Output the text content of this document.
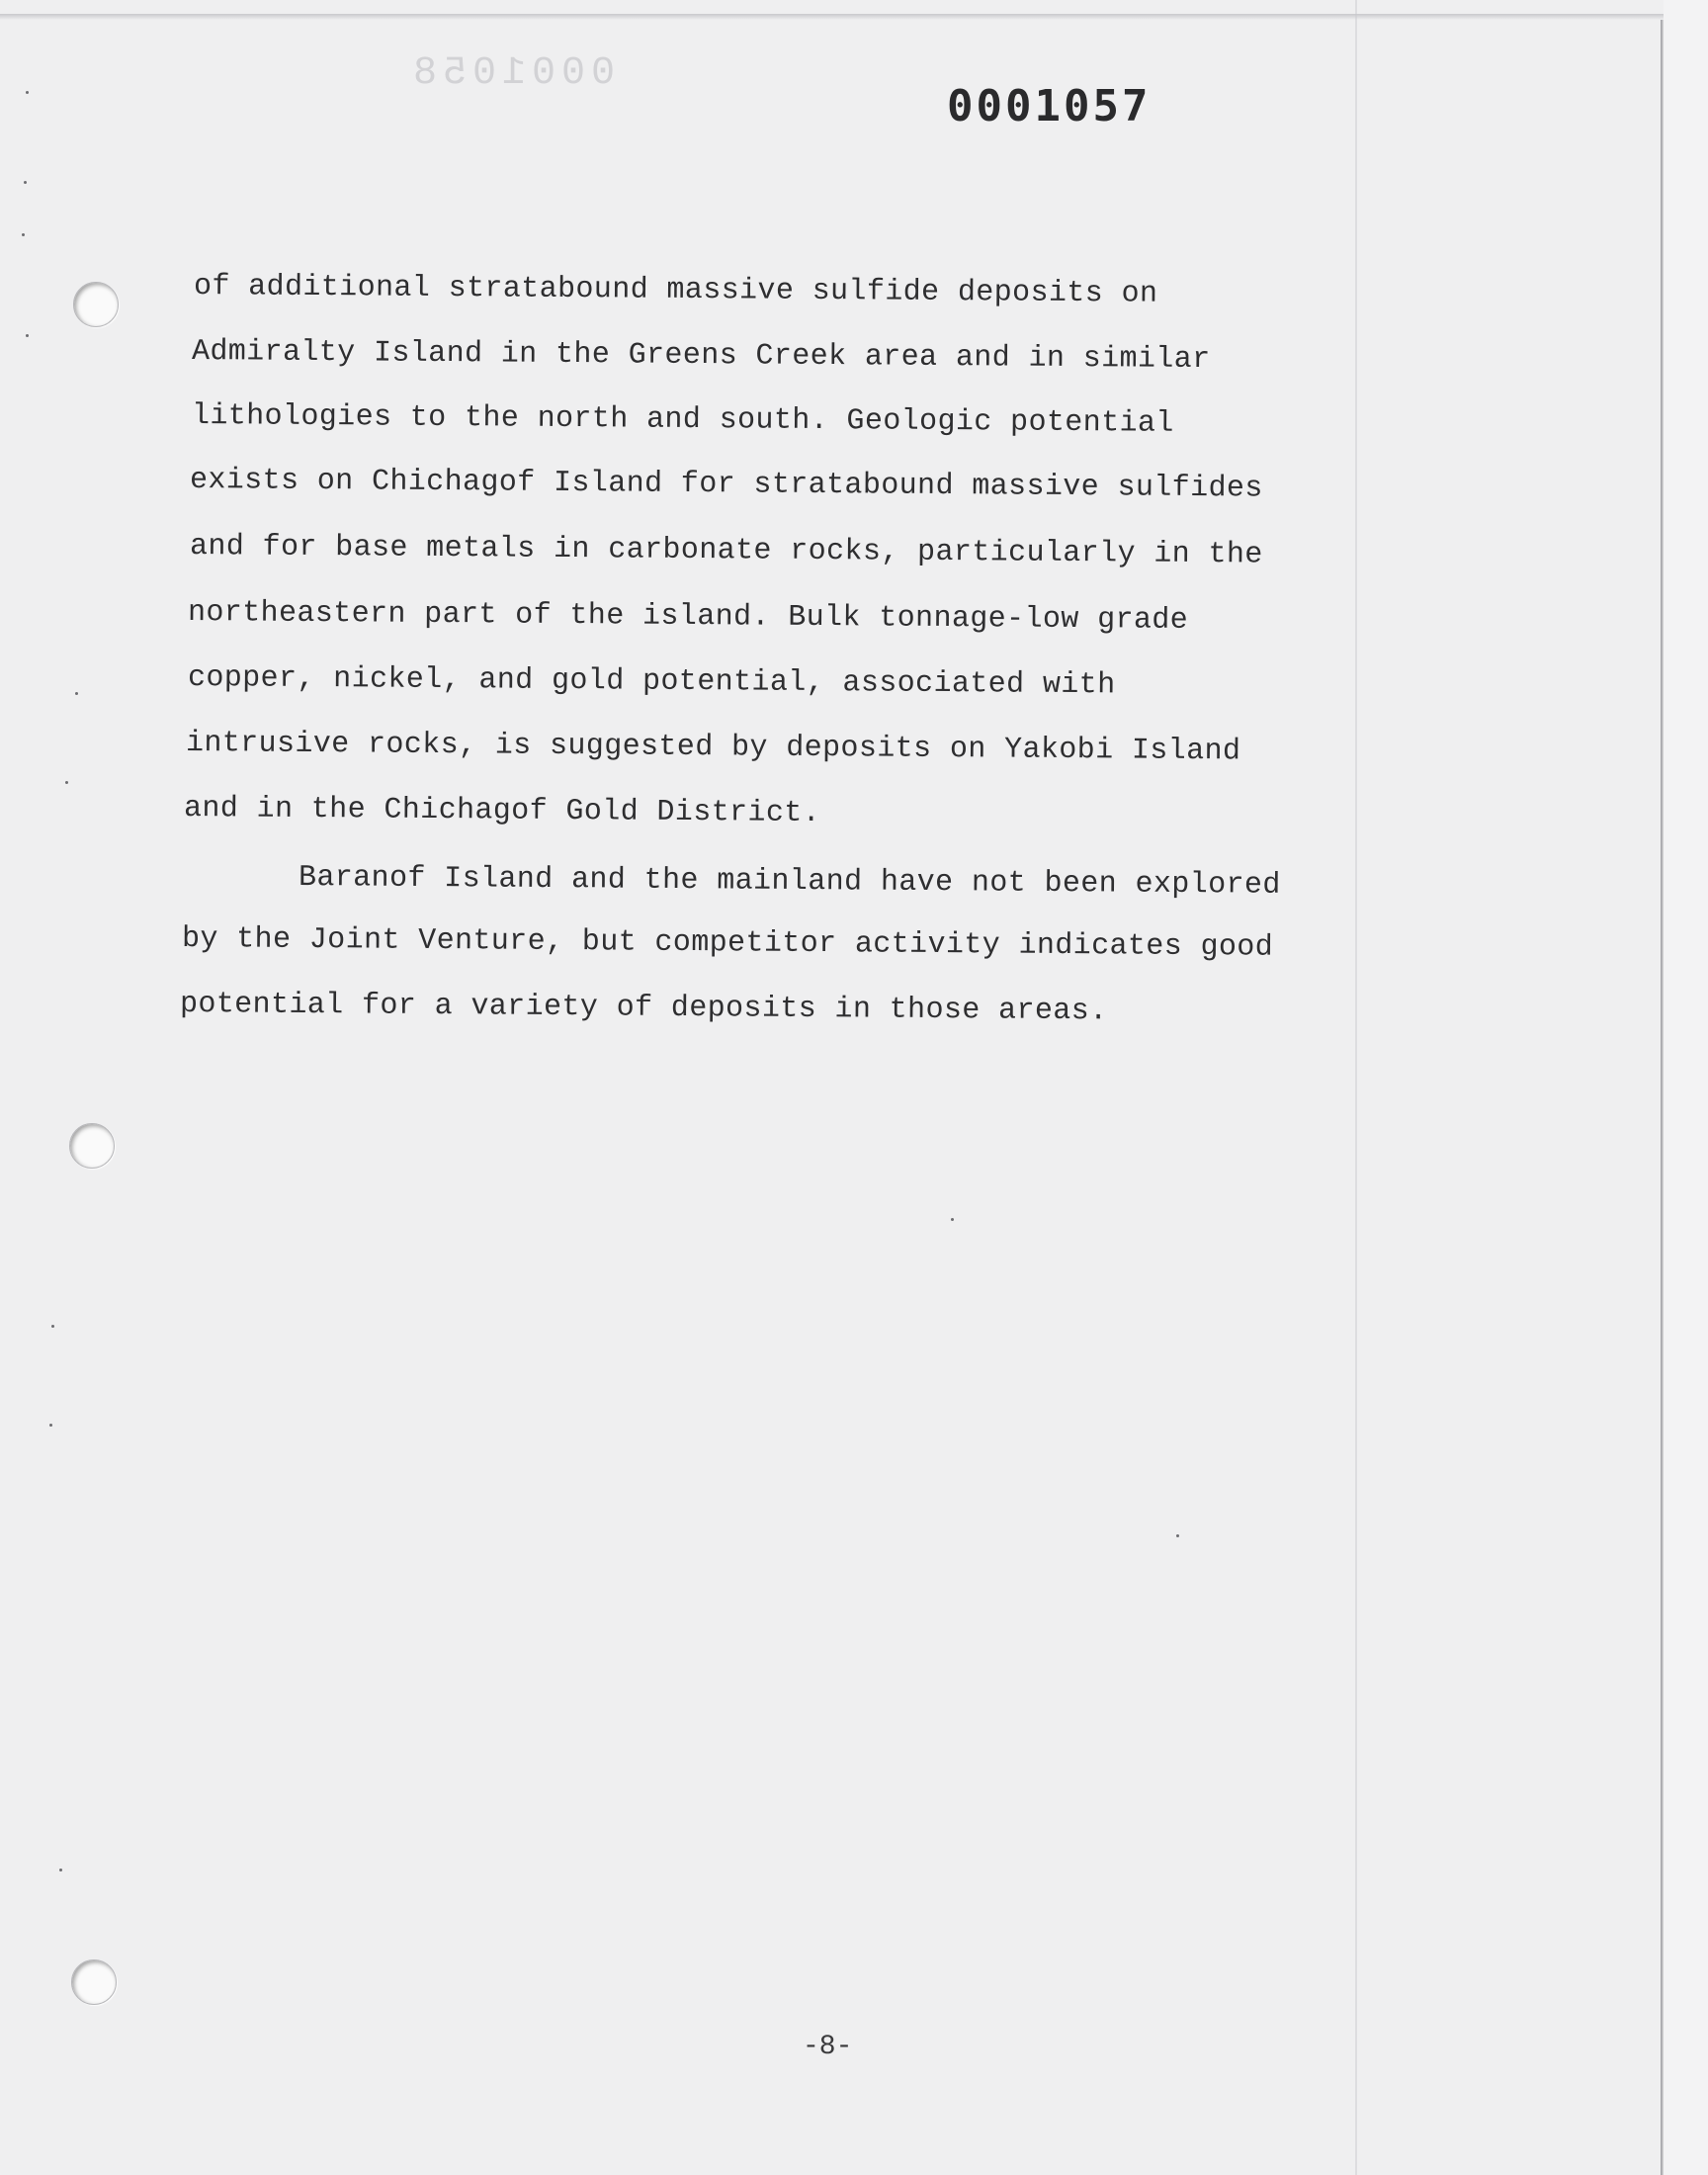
0001058
0001057
of additional stratabound massive sulfide deposits on
Admiralty Island in the Greens Creek area and in similar
lithologies to the north and south. Geologic potential
exists on Chichagof Island for stratabound massive sulfides
and for base metals in carbonate rocks, particularly in the
northeastern part of the island. Bulk tonnage-low grade
copper, nickel, and gold potential, associated with
intrusive rocks, is suggested by deposits on Yakobi Island
and in the Chichagof Gold District.
Baranof Island and the mainland have not been explored
by the Joint Venture, but competitor activity indicates good
potential for a variety of deposits in those areas.
-8-
